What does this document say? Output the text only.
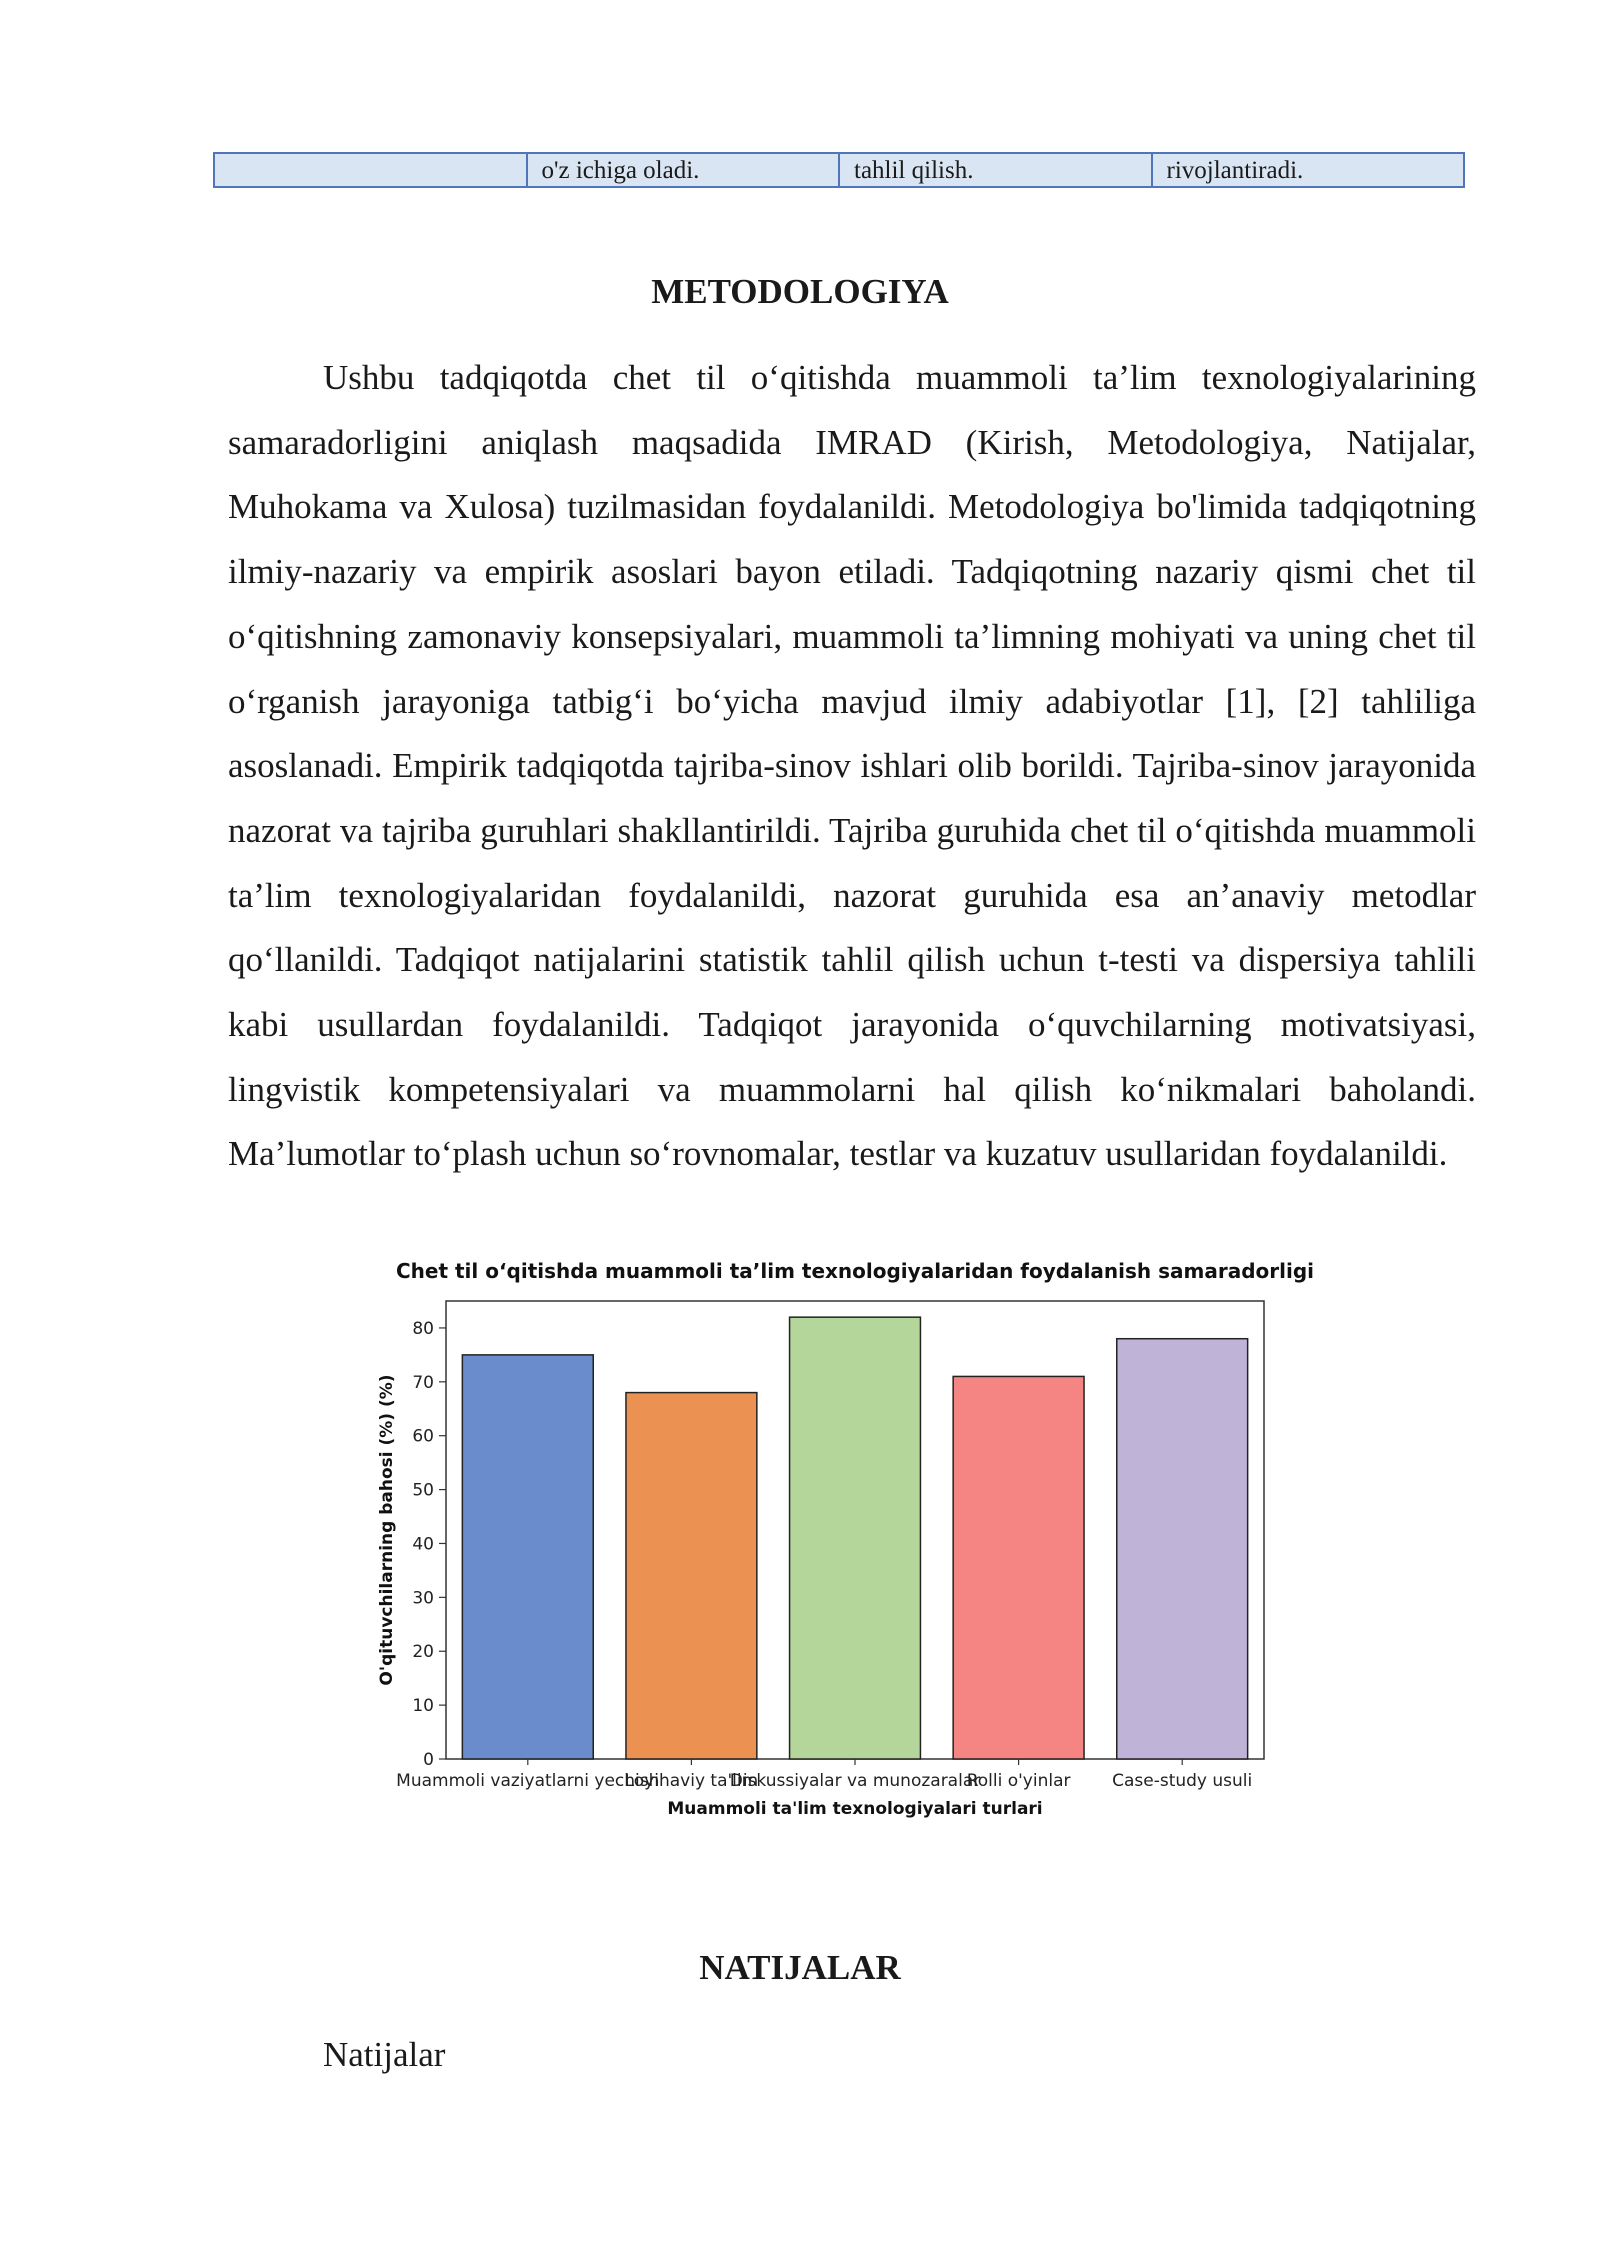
o'z ichiga oladi.	tahlil qilish.	rivojlantiradi.
METODOLOGIYA

Ushbu tadqiqotda chet til o‘qitishda muammoli ta’lim texnologiyalarining samaradorligini aniqlash maqsadida IMRAD (Kirish, Metodologiya, Natijalar, Muhokama va Xulosa) tuzilmasidan foydalanildi. Metodologiya bo'limida tadqiqotning ilmiy-nazariy va empirik asoslari bayon etiladi. Tadqiqotning nazariy qismi chet til o‘qitishning zamonaviy konsepsiyalari, muammoli ta’limning mohiyati va uning chet til o‘rganish jarayoniga tatbig‘i bo‘yicha mavjud ilmiy adabiyotlar [1], [2] tahliliga asoslanadi. Empirik tadqiqotda tajriba-sinov ishlari olib borildi. Tajriba-sinov jarayonida nazorat va tajriba guruhlari shakllantirildi. Tajriba guruhida chet til o‘qitishda muammoli ta’lim texnologiyalaridan foydalanildi, nazorat guruhida esa an’anaviy metodlar qo‘llanildi. Tadqiqot natijalarini statistik tahlil qilish uchun t-testi va dispersiya tahlili kabi usullardan foydalanildi. Tadqiqot jarayonida o‘quvchilarning motivatsiyasi, lingvistik kompetensiyalari va muammolarni hal qilish ko‘nikmalari baholandi. Ma’lumotlar to‘plash uchun so‘rovnomalar, testlar va kuzatuv usullaridan foydalanildi.

Chet til o‘qitishda muammoli ta’lim texnologiyalaridan foydalanish samaradorligi
0
10
20
30
40
50
60
70
80
Muammoli vaziyatlarni yechish
Loyihaviy ta'lim
Diskussiyalar va munozaralar
Rolli o'yinlar Case-study usuli
Muammoli ta'lim texnologiyalari turlari
O'qituvchilarning bahosi (%) (%)
NATIJALAR

Natijalar
